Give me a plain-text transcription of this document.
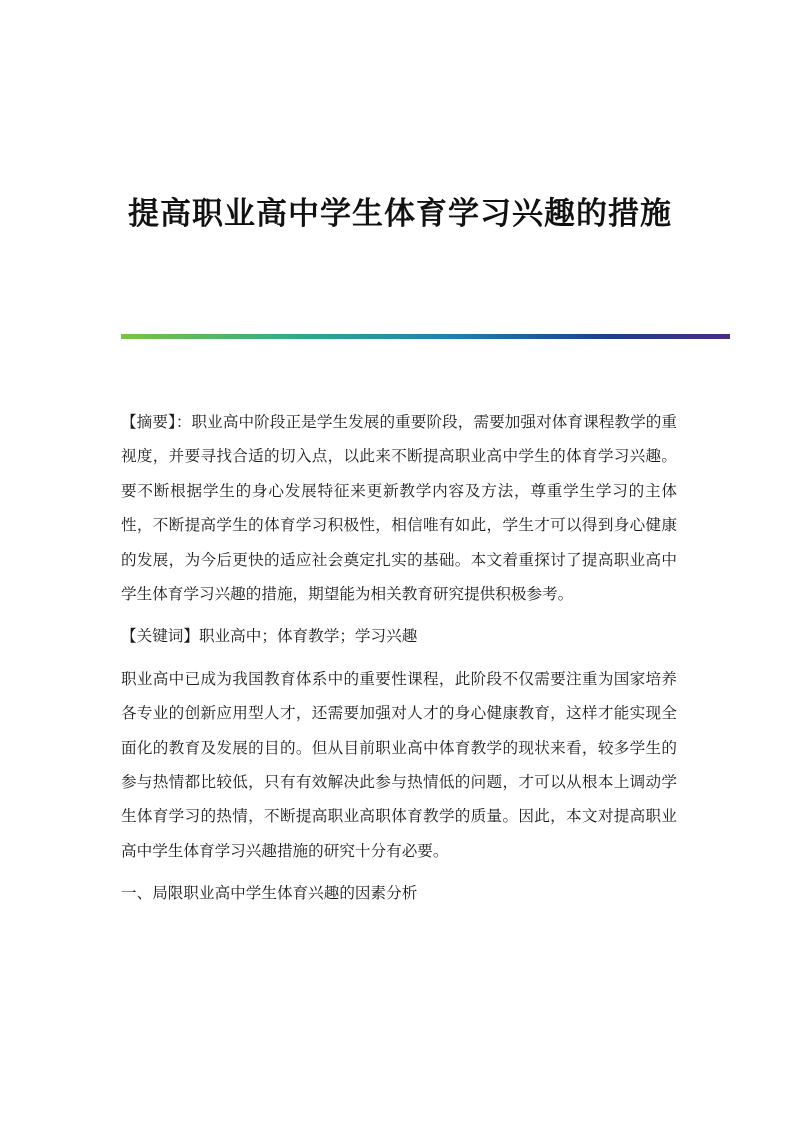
提高职业高中学生体育学习兴趣的措施

【摘要】：职业高中阶段正是学生发展的重要阶段，需要加强对体育课程教学的重视度，并要寻找合适的切入点，以此来不断提高职业高中学生的体育学习兴趣。要不断根据学生的身心发展特征来更新教学内容及方法，尊重学生学习的主体性，不断提高学生的体育学习积极性，相信唯有如此，学生才可以得到身心健康的发展，为今后更快的适应社会奠定扎实的基础。本文着重探讨了提高职业高中学生体育学习兴趣的措施，期望能为相关教育研究提供积极参考。

【关键词】职业高中；体育教学；学习兴趣

职业高中已成为我国教育体系中的重要性课程，此阶段不仅需要注重为国家培养各专业的创新应用型人才，还需要加强对人才的身心健康教育，这样才能实现全面化的教育及发展的目的。但从目前职业高中体育教学的现状来看，较多学生的参与热情都比较低，只有有效解决此参与热情低的问题，才可以从根本上调动学生体育学习的热情，不断提高职业高职体育教学的质量。因此，本文对提高职业高中学生体育学习兴趣措施的研究十分有必要。

一、局限职业高中学生体育兴趣的因素分析
